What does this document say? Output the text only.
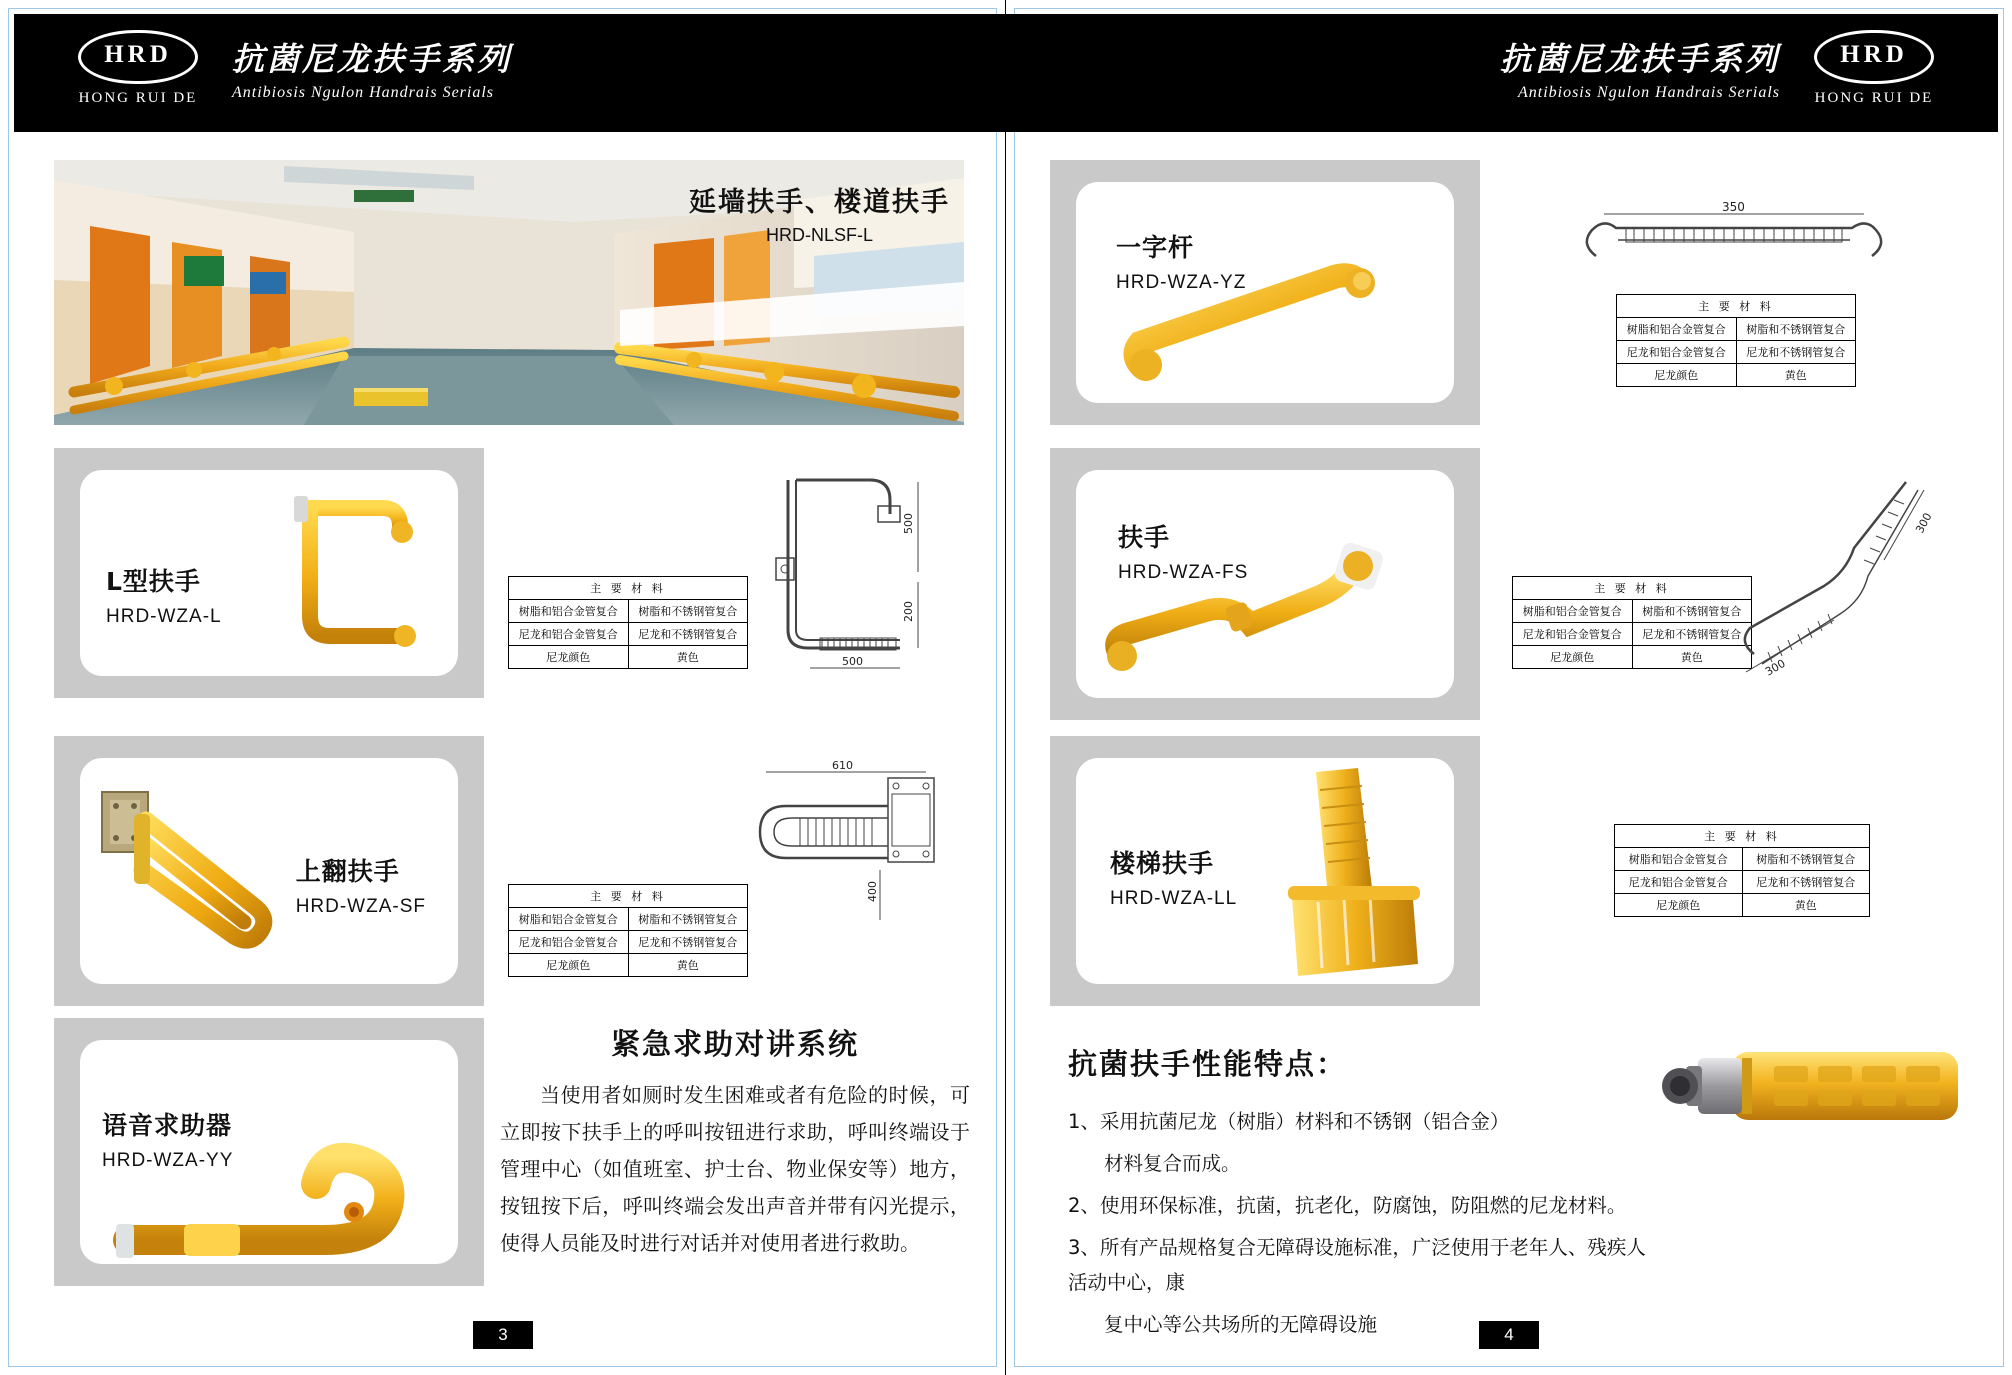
HRD
HONG RUI DE
抗菌尼龙扶手系列
Antibiosis Ngulon Handrais Serials
延墙扶手、楼道扶手
HRD-NLSF-L
L型扶手
HRD-WZA-L
主 要 材 料	
树脂和铝合金管复合	树脂和不锈钢管复合
尼龙和铝合金管复合	尼龙和不锈钢管复合
尼龙颜色	黄色
500
200
500
上翻扶手
HRD-WZA-SF	主 要 材 料	
树脂和铝合金管复合	树脂和不锈钢管复合
尼龙和铝合金管复合	尼龙和不锈钢管复合
尼龙颜色	黄色
610
400
语音求助器
HRD-WZA-YY
紧急求助对讲系统
当使用者如厕时发生困难或者有危险的时候，可立即按下扶手上的呼叫按钮进行求助，呼叫终端设于管理中心（如值班室、护士台、物业保安等）地方，按钮按下后，呼叫终端会发出声音并带有闪光提示，使得人员能及时进行对话并对使用者进行救助。
3
HRD
HONG RUI DE
抗菌尼龙扶手系列
Antibiosis Ngulon Handrais Serials
一字杆
HRD-WZA-YZ
350
主 要 材 料	
树脂和铝合金管复合	树脂和不锈钢管复合
尼龙和铝合金管复合	尼龙和不锈钢管复合
尼龙颜色	黄色
扶手
HRD-WZA-FS
主 要 材 料	
树脂和铝合金管复合	树脂和不锈钢管复合
尼龙和铝合金管复合	尼龙和不锈钢管复合
尼龙颜色	黄色	300
300
楼梯扶手
HRD-WZA-LL
主 要 材 料	
树脂和铝合金管复合	树脂和不锈钢管复合
尼龙和铝合金管复合	尼龙和不锈钢管复合
尼龙颜色	黄色
抗菌扶手性能特点：
1、采用抗菌尼龙（树脂）材料和不锈钢（铝合金）
材料复合而成。
2、使用环保标准，抗菌，抗老化，防腐蚀，防阻燃的尼龙材料。
3、所有产品规格复合无障碍设施标准，广泛使用于老年人、残疾人活动中心，康
复中心等公共场所的无障碍设施	4
